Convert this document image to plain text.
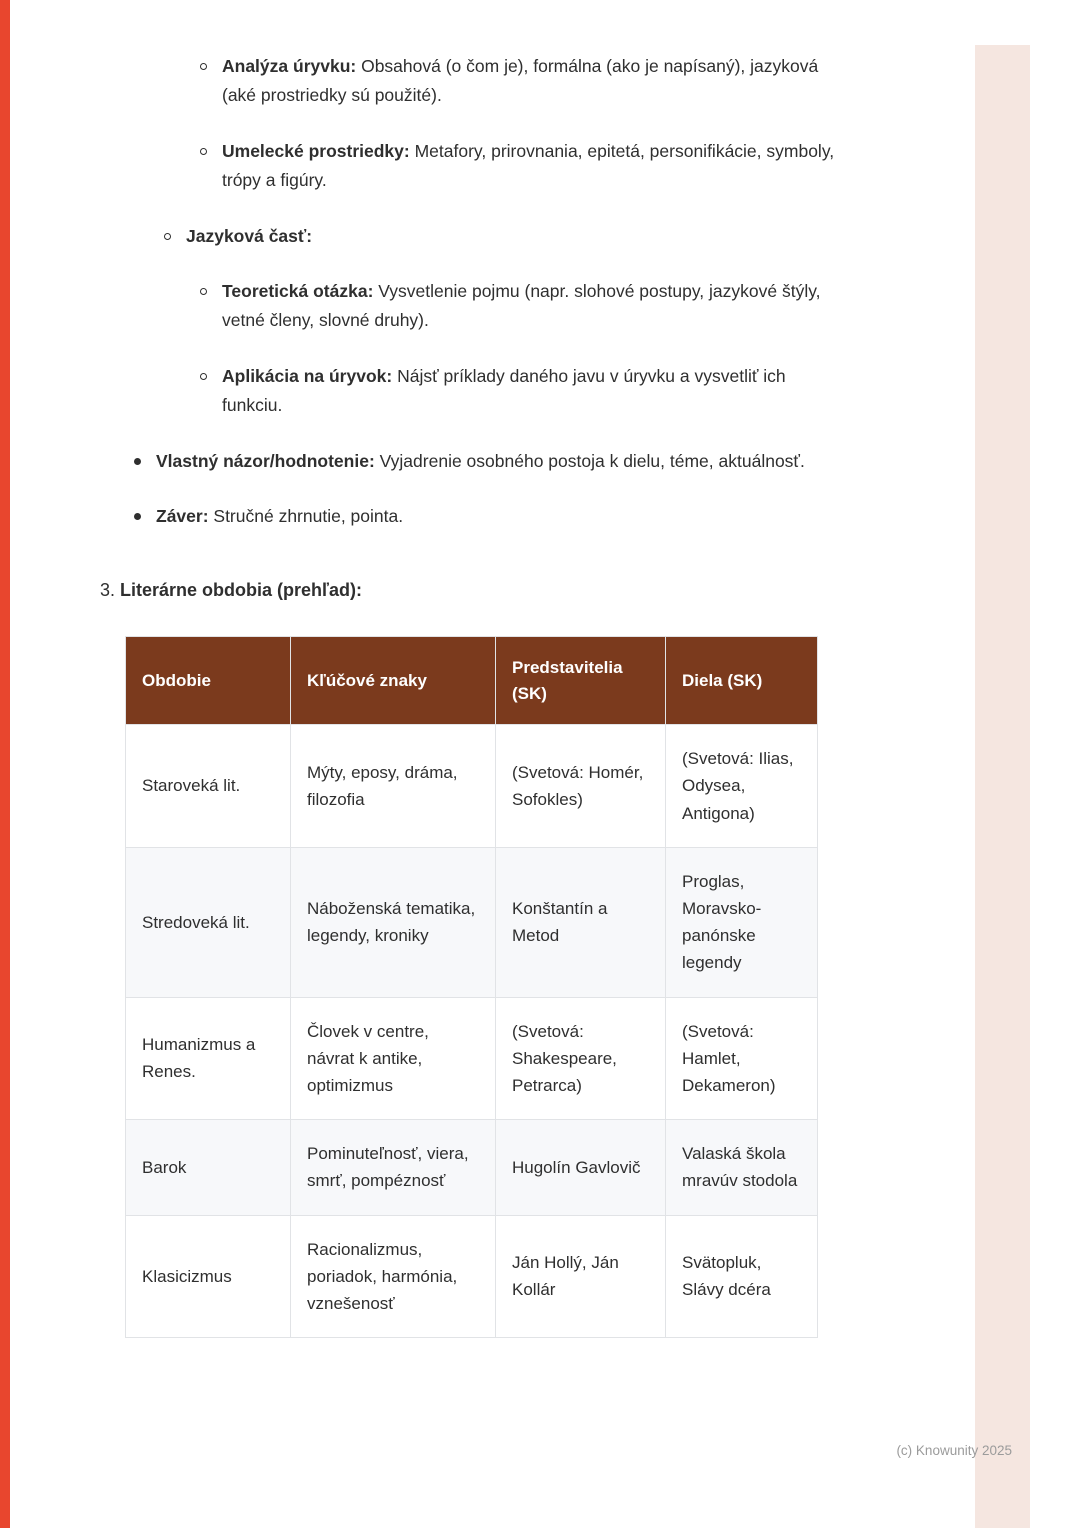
Analýza úryvku: Obsahová (o čom je), formálna (ako je napísaný), jazyková (aké prostriedky sú použité).
Umelecké prostriedky: Metafory, prirovnania, epitetá, personifikácie, symboly, trópy a figúry.
Jazyková časť:
Teoretická otázka: Vysvetlenie pojmu (napr. slohové postupy, jazykové štýly, vetné členy, slovné druhy).
Aplikácia na úryvok: Nájsť príklady daného javu v úryvku a vysvetliť ich funkciu.
Vlastný názor/hodnotenie: Vyjadrenie osobného postoja k dielu, téme, aktuálnosť.
Záver: Stručné zhrnutie, pointa.
3. Literárne obdobia (prehľad):
Obdobie	Kľúčové znaky	Predstavitelia (SK)	Diela (SK)
Staroveká lit.	Mýty, eposy, dráma, filozofia	(Svetová: Homér, Sofokles)	(Svetová: Ilias, Odysea, Antigona)
Stredoveká lit.	Náboženská tematika, legendy, kroniky	Konštantín a Metod	Proglas, Moravsko-panónske legendy
Humanizmus a Renes.	Človek v centre, návrat k antike, optimizmus	(Svetová: Shakespeare, Petrarca)	(Svetová: Hamlet, Dekameron)
Barok	Pominuteľnosť, viera, smrť, pompéznosť	Hugolín Gavlovič	Valaská škola mravúv stodola
Klasicizmus	Racionalizmus, poriadok, harmónia, vznešenosť	Ján Hollý, Ján Kollár	Svätopluk, Slávy dcéra
(c) Knowunity 2025
